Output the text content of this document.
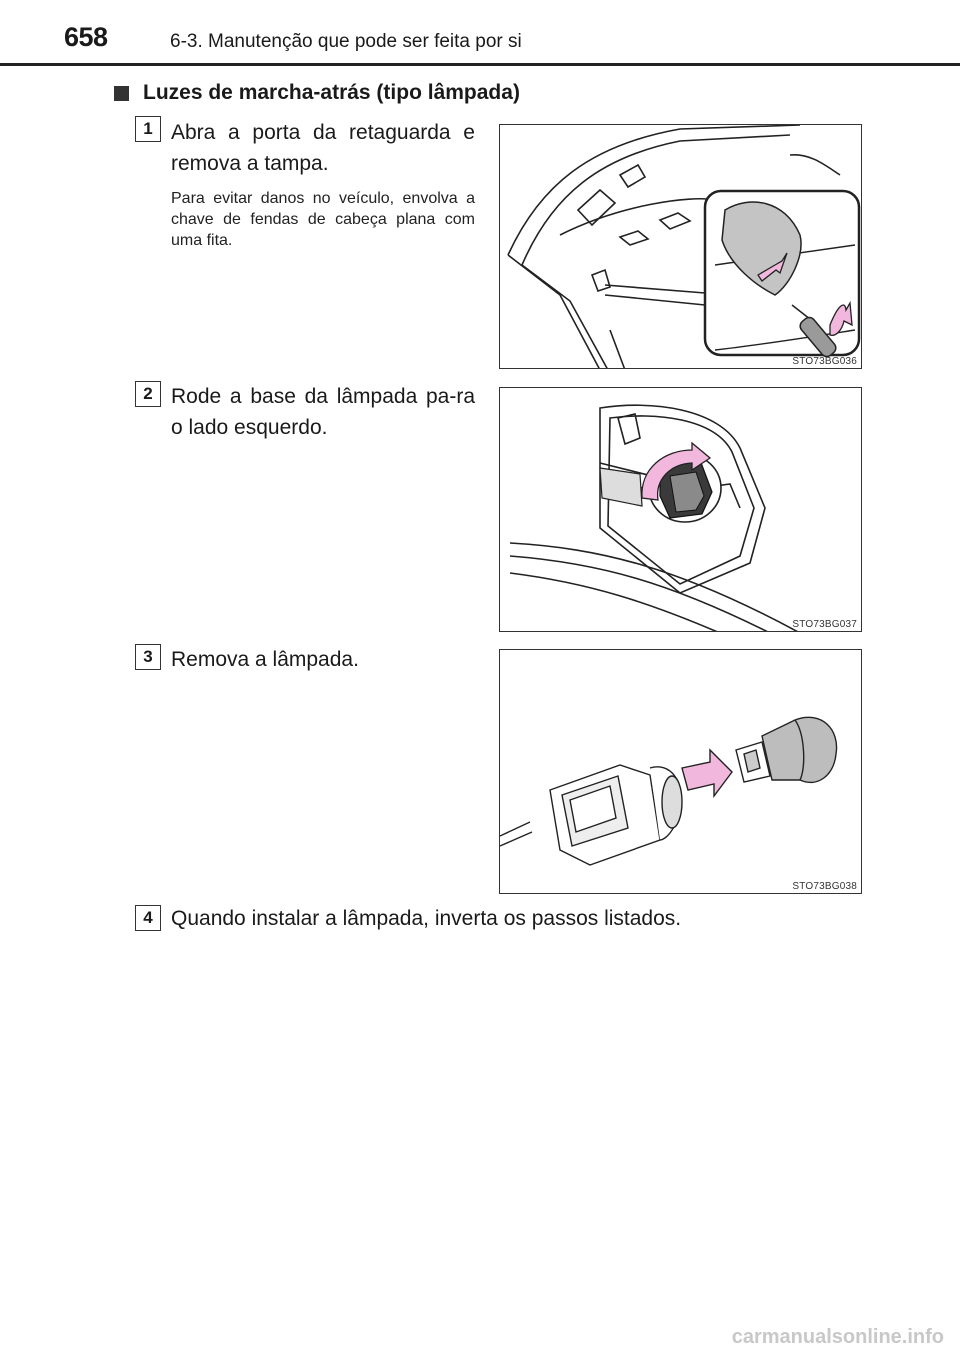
658	6-3. Manutenção que pode ser feita por si
Luzes de marcha-atrás (tipo lâmpada)
1 Abra a porta da retaguarda e remova a tampa.
Para evitar danos no veículo, envolva a chave de fendas de cabeça plana com uma fita.
STO73BG036
2 Rode a base da lâmpada pa-ra o lado esquerdo.
STO73BG037
3 Remova a lâmpada.
STO73BG038
4 Quando instalar a lâmpada, inverta os passos listados.
carmanualsonline.info
